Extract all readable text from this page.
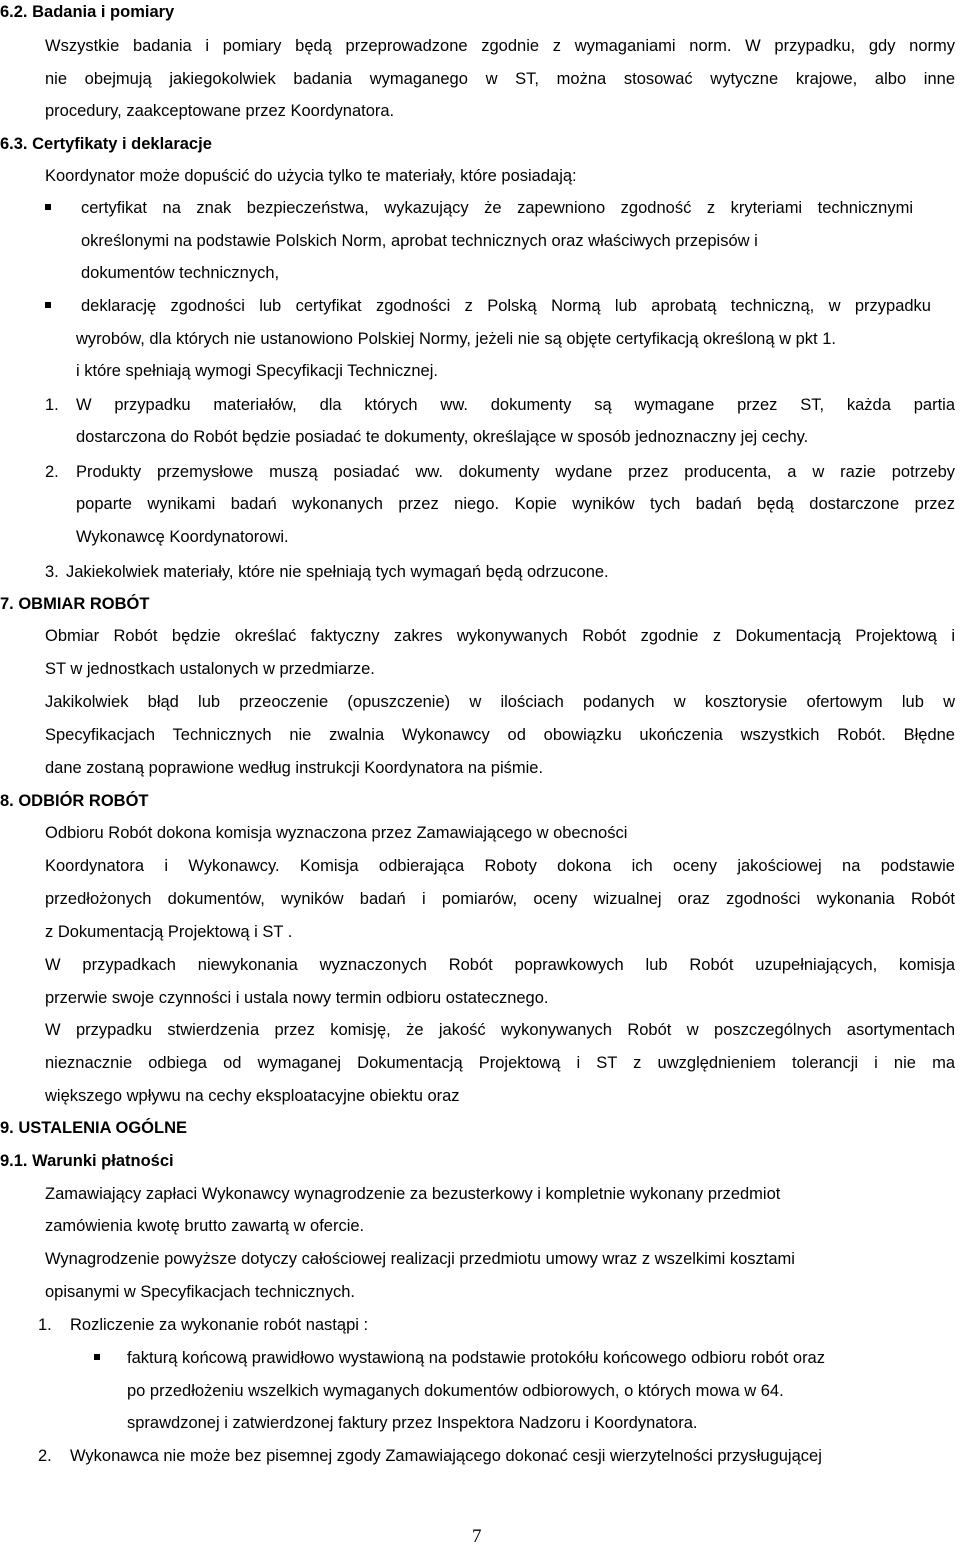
6.2. Badania i pomiary
Wszystkie badania i pomiary będą przeprowadzone zgodnie z wymaganiami norm. W przypadku, gdy normy
nie obejmują jakiegokolwiek badania wymaganego w ST, można stosować wytyczne krajowe, albo inne
procedury, zaakceptowane przez Koordynatora.
6.3. Certyfikaty i deklaracje
Koordynator może dopuścić do użycia tylko te materiały, które posiadają:
certyfikat na znak bezpieczeństwa, wykazujący że zapewniono zgodność z kryteriami technicznymi
określonymi na podstawie Polskich Norm, aprobat technicznych oraz właściwych przepisów i
dokumentów technicznych,
deklarację zgodności lub certyfikat zgodności z Polską Normą lub aprobatą techniczną, w przypadku
wyrobów, dla których nie ustanowiono Polskiej Normy, jeżeli nie są objęte certyfikacją określoną w pkt 1.
i które spełniają wymogi Specyfikacji Technicznej.
1. W przypadku materiałów, dla których ww. dokumenty są wymagane przez ST, każda partia
dostarczona do Robót będzie posiadać te dokumenty, określające w sposób jednoznaczny jej cechy.
2. Produkty przemysłowe muszą posiadać ww. dokumenty wydane przez producenta, a w razie potrzeby
poparte wynikami badań wykonanych przez niego. Kopie wyników tych badań będą dostarczone przez
Wykonawcę Koordynatorowi.
3. Jakiekolwiek materiały, które nie spełniają tych wymagań będą odrzucone.
7. OBMIAR ROBÓT
Obmiar Robót będzie określać faktyczny zakres wykonywanych Robót zgodnie z Dokumentacją Projektową i
ST w jednostkach ustalonych w przedmiarze.
Jakikolwiek błąd lub przeoczenie (opuszczenie) w ilościach podanych w kosztorysie ofertowym lub w
Specyfikacjach Technicznych nie zwalnia Wykonawcy od obowiązku ukończenia wszystkich Robót. Błędne
dane zostaną poprawione według instrukcji Koordynatora na piśmie.
8. ODBIÓR ROBÓT
Odbioru Robót dokona komisja wyznaczona przez Zamawiającego w obecności
Koordynatora i Wykonawcy. Komisja odbierająca Roboty dokona ich oceny jakościowej na podstawie
przedłożonych dokumentów, wyników badań i pomiarów, oceny wizualnej oraz zgodności wykonania Robót
z Dokumentacją Projektową i ST .
W przypadkach niewykonania wyznaczonych Robót poprawkowych lub Robót uzupełniających, komisja
przerwie swoje czynności i ustala nowy termin odbioru ostatecznego.
W przypadku stwierdzenia przez komisję, że jakość wykonywanych Robót w poszczególnych asortymentach
nieznacznie odbiega od wymaganej Dokumentacją Projektową i ST z uwzględnieniem tolerancji i nie ma
większego wpływu na cechy eksploatacyjne obiektu oraz
9. USTALENIA OGÓLNE
9.1. Warunki płatności
Zamawiający zapłaci Wykonawcy wynagrodzenie za bezusterkowy i kompletnie wykonany przedmiot
zamówienia kwotę brutto zawartą w ofercie.
Wynagrodzenie powyższe dotyczy całościowej realizacji przedmiotu umowy wraz z wszelkimi kosztami
opisanymi w Specyfikacjach technicznych.
1. Rozliczenie za wykonanie robót nastąpi :
fakturą końcową prawidłowo wystawioną na podstawie protokółu końcowego odbioru robót oraz
po przedłożeniu wszelkich wymaganych dokumentów odbiorowych, o których mowa w 64.
sprawdzonej i zatwierdzonej faktury przez Inspektora Nadzoru i Koordynatora.
2. Wykonawca nie może bez pisemnej zgody Zamawiającego dokonać cesji wierzytelności przysługującej
7
